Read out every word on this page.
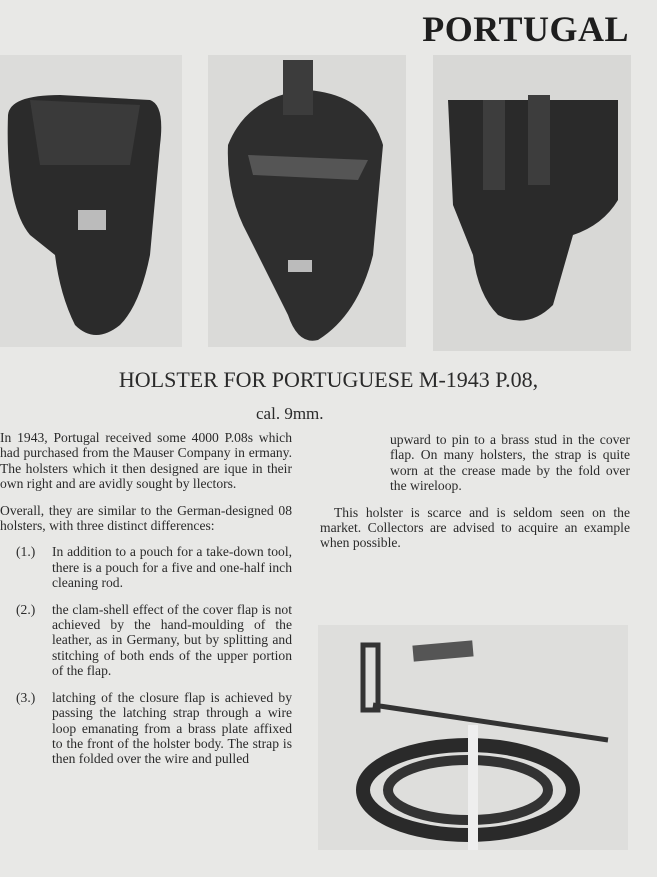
PORTUGAL
HOLSTER FOR PORTUGUESE M-1943 P.08,
cal. 9mm.

In 1943, Portugal received some 4000 P.08s which had purchased from the Mauser Company in ermany. The holsters which it then designed are ique in their own right and are avidly sought by llectors.

Overall, they are similar to the German-designed 08 holsters, with three distinct differences:

(1.)	In addition to a pouch for a take-down tool, there is a pouch for a five and one-half inch cleaning rod.
(2.)	the clam-shell effect of the cover flap is not achieved by the hand-moulding of the leather, as in Germany, but by splitting and stitching of both ends of the upper portion of the flap.
(3.)	latching of the closure flap is achieved by passing the latching strap through a wire loop emanating from a brass plate affixed to the front of the holster body. The strap is then folded over the wire and pulled

upward to pin to a brass stud in the cover flap. On many holsters, the strap is quite worn at the crease made by the fold over the wireloop.

This holster is scarce and is seldom seen on the market. Collectors are advised to acquire an example when possible.
